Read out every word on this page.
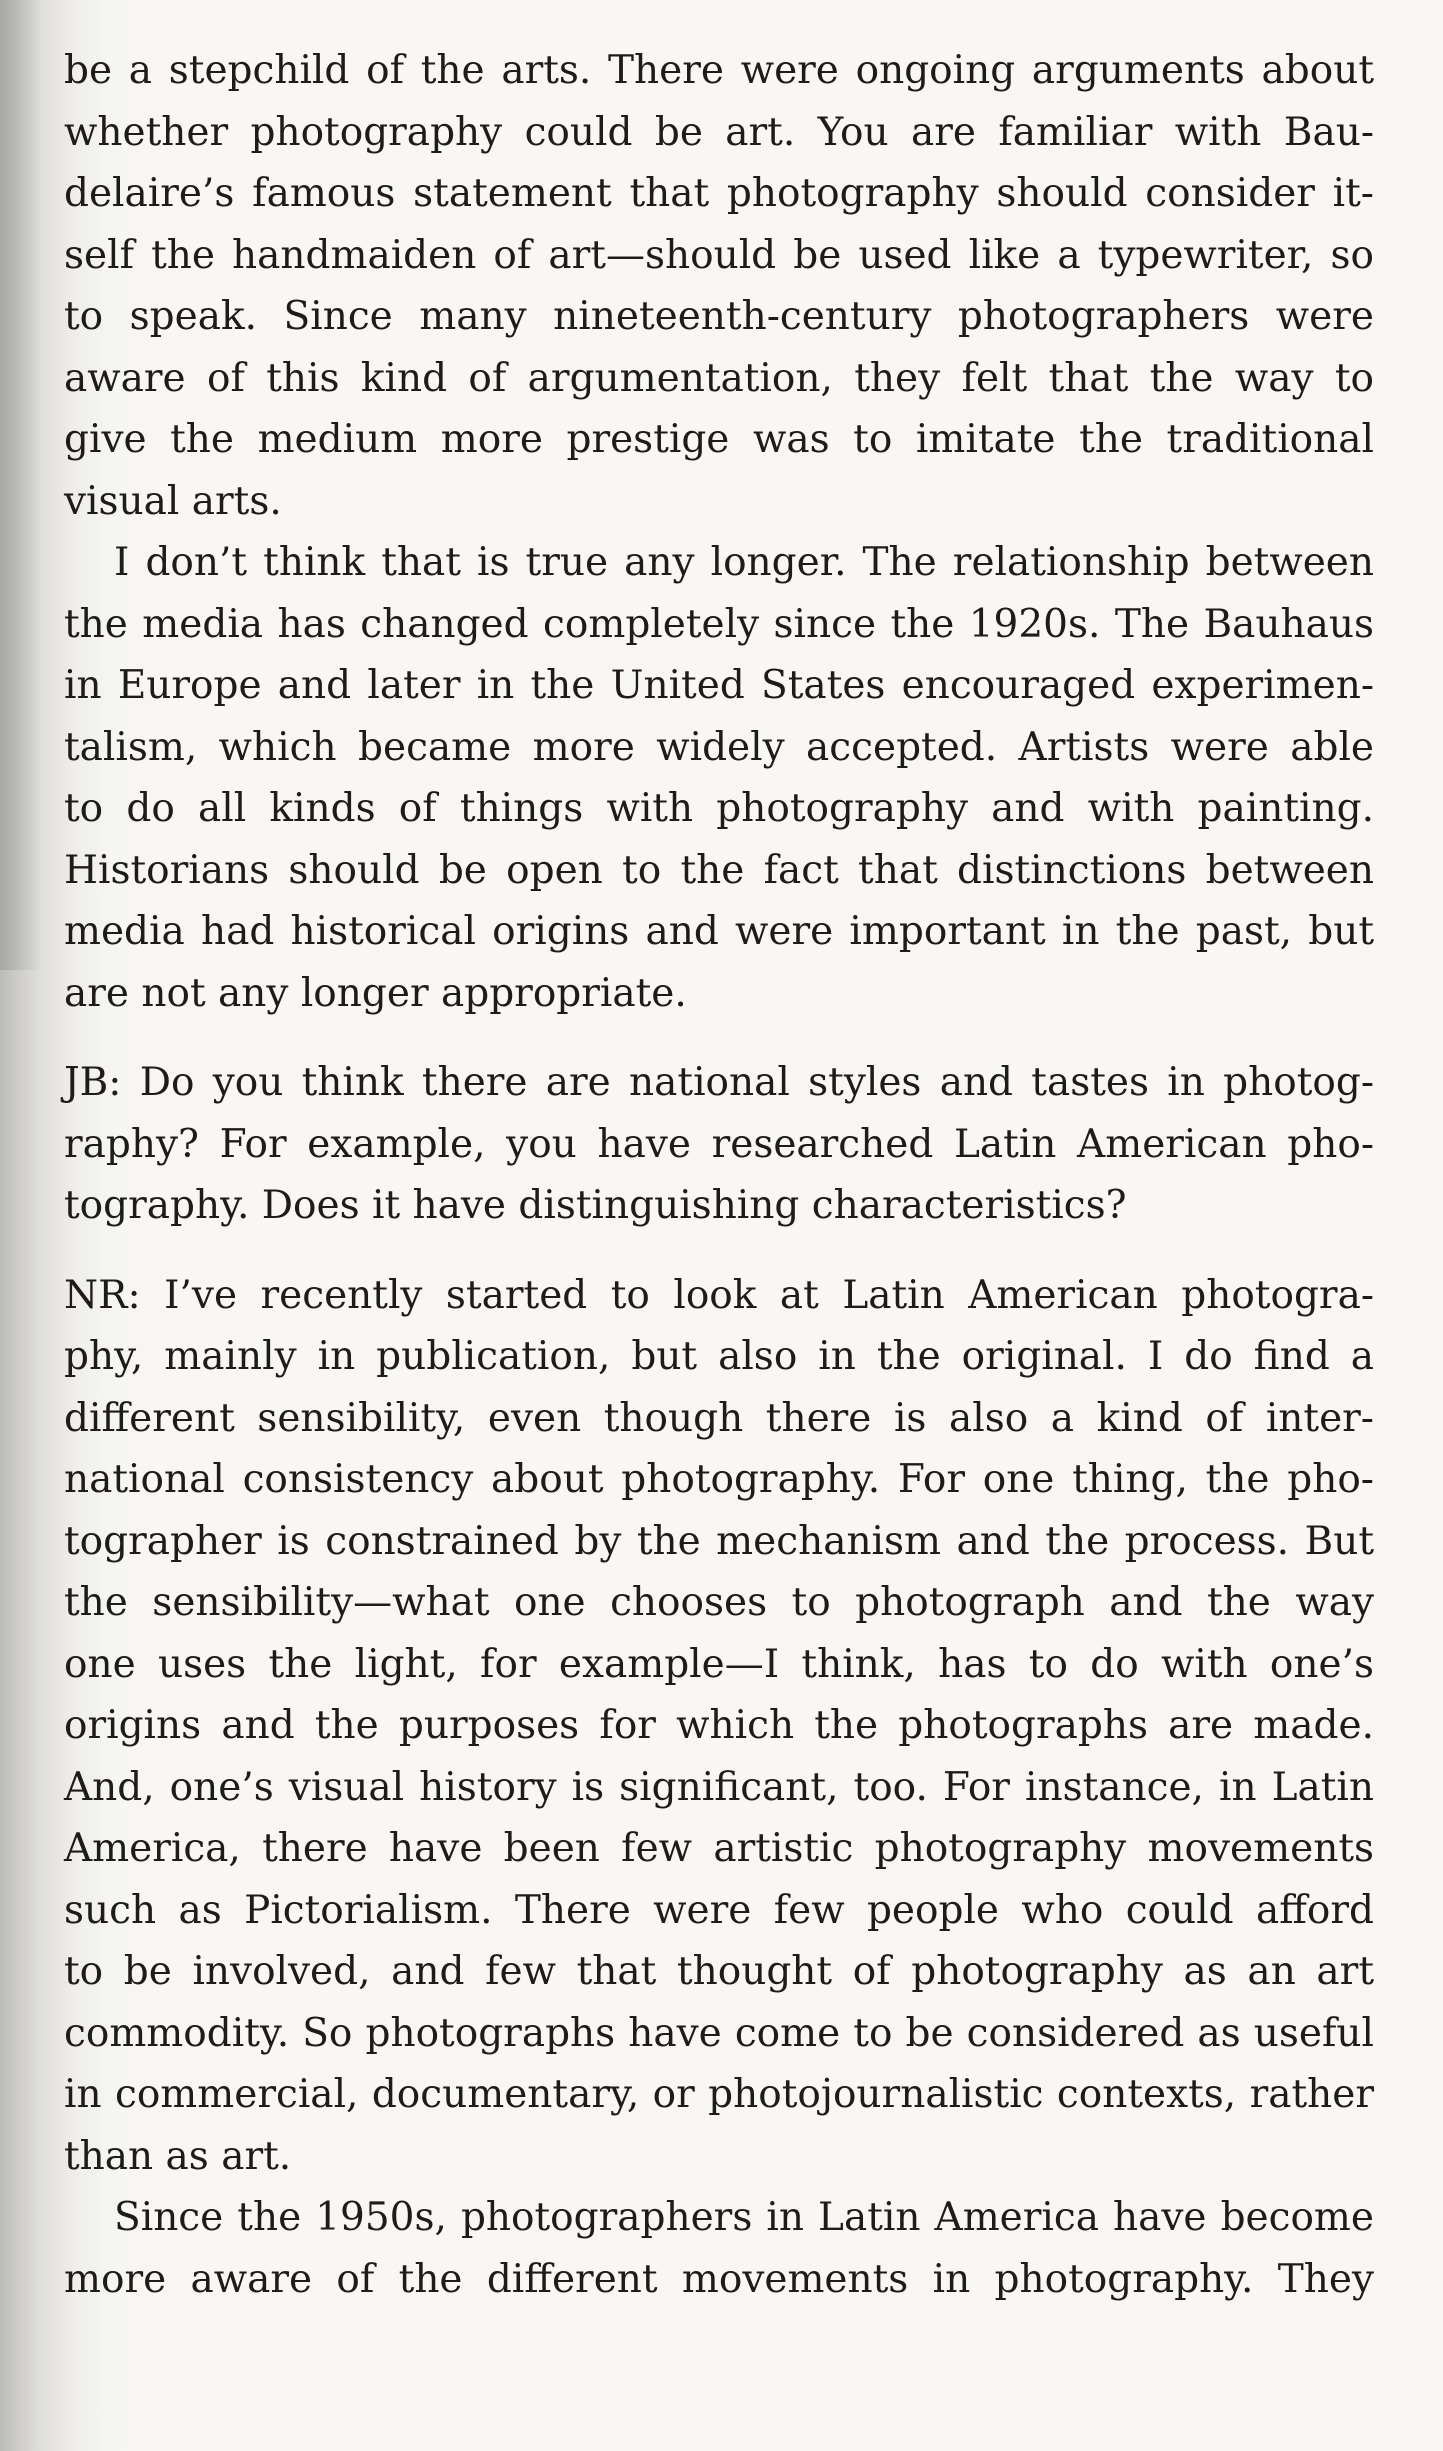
be a stepchild of the arts. There were ongoing arguments about
whether photography could be art. You are familiar with Bau-
delaire’s famous statement that photography should consider it-
self the handmaiden of art—should be used like a typewriter, so
to speak. Since many nineteenth-century photographers were
aware of this kind of argumentation, they felt that the way to
give the medium more prestige was to imitate the traditional
visual arts.
I don’t think that is true any longer. The relationship between
the media has changed completely since the 1920s. The Bauhaus
in Europe and later in the United States encouraged experimen-
talism, which became more widely accepted. Artists were able
to do all kinds of things with photography and with painting.
Historians should be open to the fact that distinctions between
media had historical origins and were important in the past, but
are not any longer appropriate.
JB: Do you think there are national styles and tastes in photog-
raphy? For example, you have researched Latin American pho-
tography. Does it have distinguishing characteristics?
NR: I’ve recently started to look at Latin American photogra-
phy, mainly in publication, but also in the original. I do find a
different sensibility, even though there is also a kind of inter-
national consistency about photography. For one thing, the pho-
tographer is constrained by the mechanism and the process. But
the sensibility—what one chooses to photograph and the way
one uses the light, for example—I think, has to do with one’s
origins and the purposes for which the photographs are made.
And, one’s visual history is significant, too. For instance, in Latin
America, there have been few artistic photography movements
such as Pictorialism. There were few people who could afford
to be involved, and few that thought of photography as an art
commodity. So photographs have come to be considered as useful
in commercial, documentary, or photojournalistic contexts, rather
than as art.
Since the 1950s, photographers in Latin America have become
more aware of the different movements in photography. They
